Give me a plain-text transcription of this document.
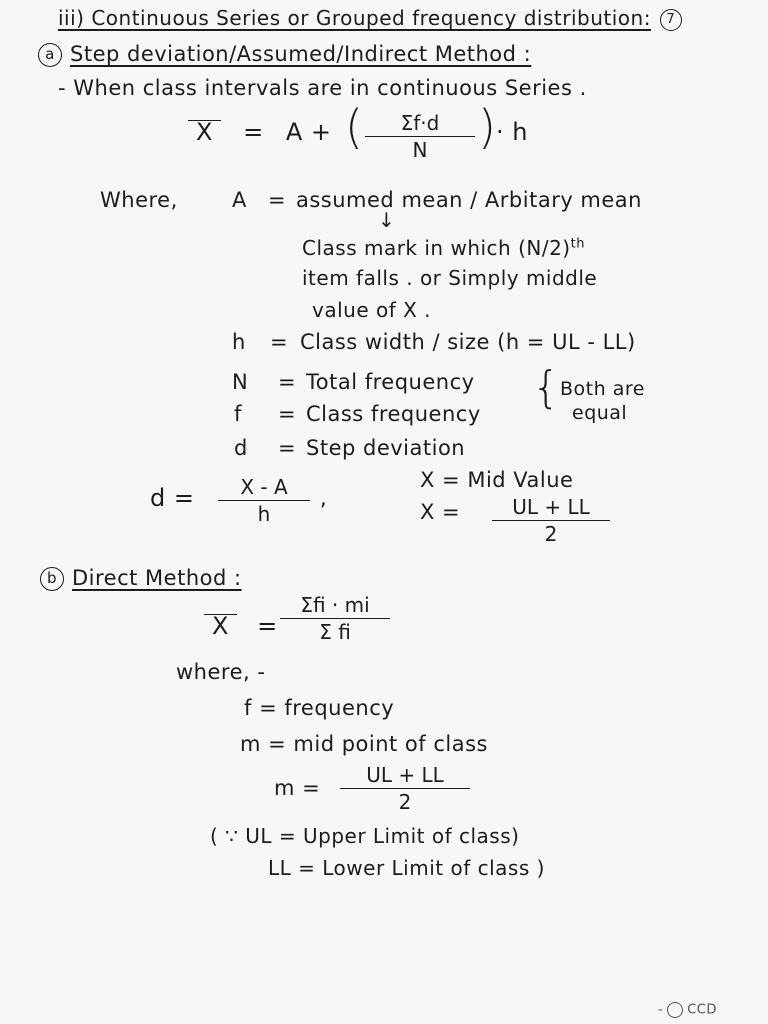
iii) Continuous Series or Grouped frequency distribution: 7
a Step deviation/Assumed/Indirect Method :
- When class intervals are in continuous Series .
X = A + ( $\frac{\Sigma f\cdot d}{N}$ ) · h
Where,	A = assumed mean / Arbitary mean
↓
Class mark in which $(N/2)^{th}$
item falls . or Simply middle
value of X .
h = Class width / size (h = UL - LL)
N = Total frequency
f = Class frequency
{ Both are
equal
d = Step deviation
$d = \frac{X - A}{h}$ ,
X = Mid Value
$X = \frac{UL + LL}{2}$
b Direct Method :
X =
Σfi · mi
Σ fi
where, -
f = frequency
m = mid point of class
$m = \frac{UL + LL}{2}$
( ∵ UL = Upper Limit of class)
LL = Lower Limit of class )
- CCD
